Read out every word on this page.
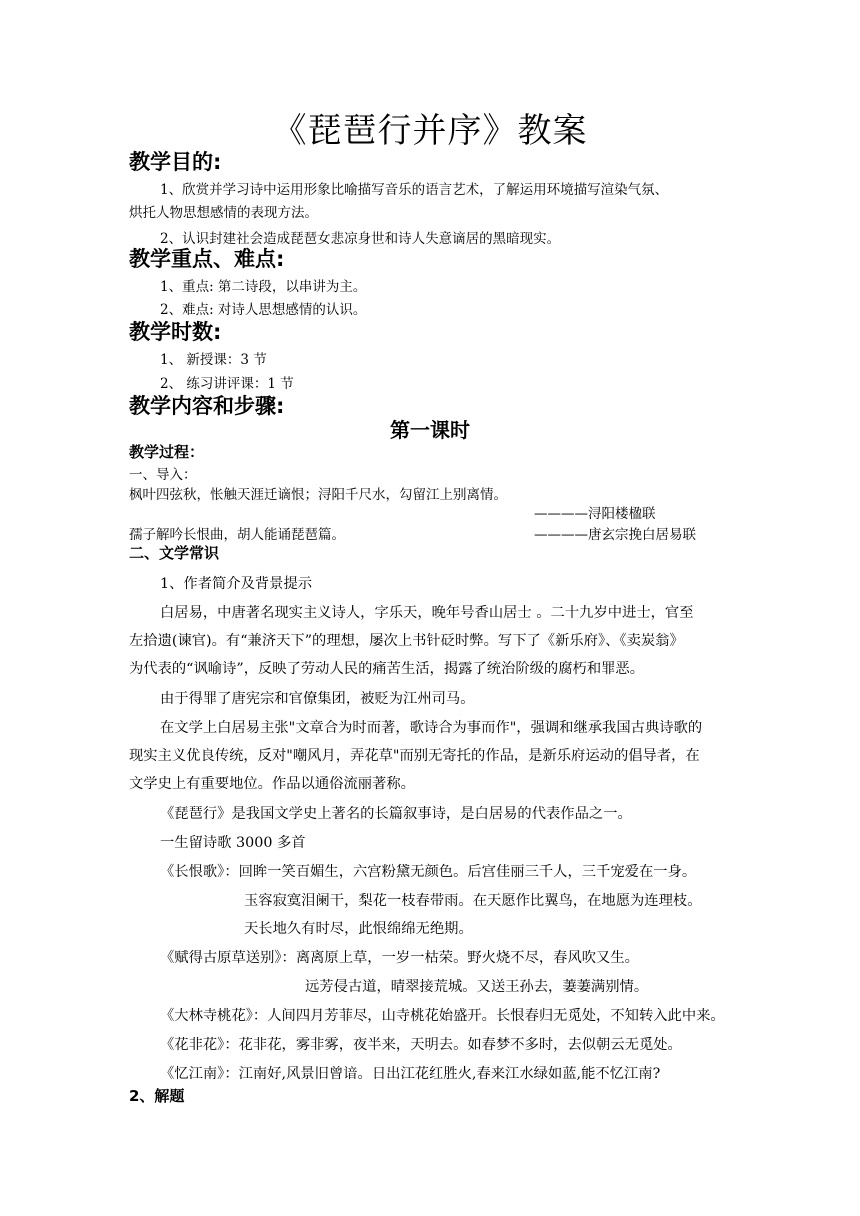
《琵琶行并序》教案
教学目的:
1、欣赏并学习诗中运用形象比喻描写音乐的语言艺术，了解运用环境描写渲染气氛、
烘托人物思想感情的表现方法。
2、认识封建社会造成琵琶女悲凉身世和诗人失意谪居的黑暗现实。
教学重点、难点:
1、重点: 第二诗段，以串讲为主。
2、难点: 对诗人思想感情的认识。
教学时数:
1、 新授课：3 节
2、 练习讲评课：1 节
教学内容和步骤:
第一课时
教学过程：
一、导入：
枫叶四弦秋，怅触天涯迁谪恨；浔阳千尺水，勾留江上别离情。
————浔阳楼楹联
孺子解吟长恨曲，胡人能诵琵琶篇。	————唐玄宗挽白居易联
二、文学常识
1、作者简介及背景提示
白居易，中唐著名现实主义诗人，字乐天，晚年号香山居士 。二十九岁中进士，官至
左拾遗(谏官)。有“兼济天下”的理想，屡次上书针砭时弊。写下了《新乐府》、《卖炭翁》
为代表的“讽喻诗”，反映了劳动人民的痛苦生活，揭露了统治阶级的腐朽和罪恶。
由于得罪了唐宪宗和官僚集团，被贬为江州司马。
在文学上白居易主张"文章合为时而著，歌诗合为事而作"，强调和继承我国古典诗歌的
现实主义优良传统，反对"嘲风月，弄花草"而别无寄托的作品，是新乐府运动的倡导者，在
文学史上有重要地位。作品以通俗流丽著称。
《琵琶行》是我国文学史上著名的长篇叙事诗，是白居易的代表作品之一。
一生留诗歌 3000 多首
《长恨歌》：回眸一笑百媚生，六宫粉黛无颜色。后宫佳丽三千人，三千宠爱在一身。
玉容寂寞泪阑干，梨花一枝春带雨。在天愿作比翼鸟，在地愿为连理枝。
天长地久有时尽，此恨绵绵无绝期。
《赋得古原草送别》：离离原上草，一岁一枯荣。野火烧不尽，春风吹又生。
远芳侵古道，晴翠接荒城。又送王孙去，萋萋满别情。
《大林寺桃花》：人间四月芳菲尽，山寺桃花始盛开。长恨春归无觅处，不知转入此中来。
《花非花》：花非花，雾非雾，夜半来，天明去。如春梦不多时，去似朝云无觅处。
《忆江南》：江南好,风景旧曾谙。日出江花红胜火,春来江水绿如蓝,能不忆江南?
2、解题
